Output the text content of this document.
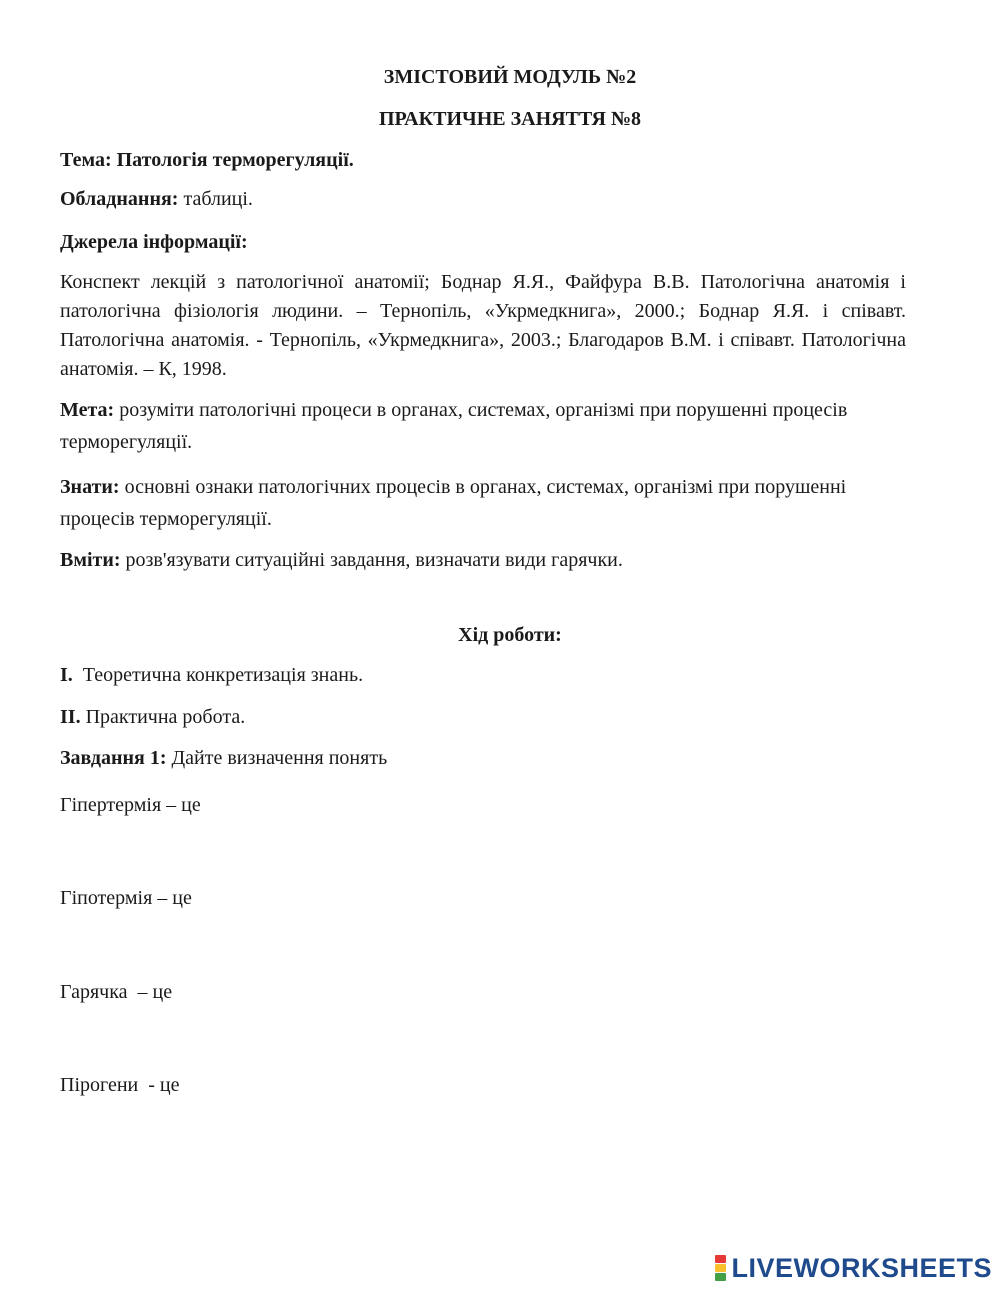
ЗМІСТОВИЙ МОДУЛЬ №2
ПРАКТИЧНЕ ЗАНЯТТЯ №8
Тема: Патологія терморегуляції.
Обладнання: таблиці.
Джерела інформації:
Конспект лекцій з патологічної анатомії; Боднар Я.Я., Файфура В.В. Патологічна анатомія і патологічна фізіологія людини. – Тернопіль, «Укрмедкнига», 2000.; Боднар Я.Я. і співавт. Патологічна анатомія. - Тернопіль, «Укрмедкнига», 2003.; Благодаров В.М. і співавт. Патологічна анатомія. – К, 1998.
Мета: розуміти патологічні процеси в органах, системах, організмі при порушенні процесів терморегуляції.
Знати: основні ознаки патологічних процесів в органах, системах, організмі при порушенні процесів терморегуляції.
Вміти: розв'язувати ситуаційні завдання, визначати види гарячки.
Хід роботи:
I.  Теоретична конкретизація знань.
II. Практична робота.
Завдання 1: Дайте визначення понять
Гіпертермія – це
Гіпотермія – це
Гарячка  – це
Пірогени  - це
LIVEWORKSHEETS
